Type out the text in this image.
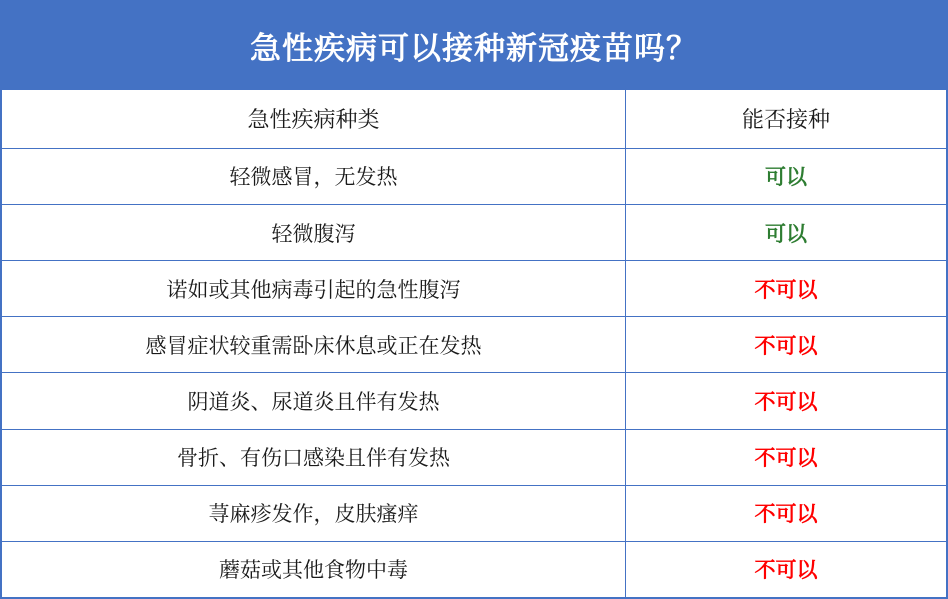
急性疾病可以接种新冠疫苗吗？
急性疾病种类	能否接种
轻微感冒，无发热	可以
轻微腹泻	可以
诺如或其他病毒引起的急性腹泻	不可以
感冒症状较重需卧床休息或正在发热	不可以
阴道炎、尿道炎且伴有发热	不可以
骨折、有伤口感染且伴有发热	不可以
荨麻疹发作，皮肤瘙痒	不可以
蘑菇或其他食物中毒	不可以
